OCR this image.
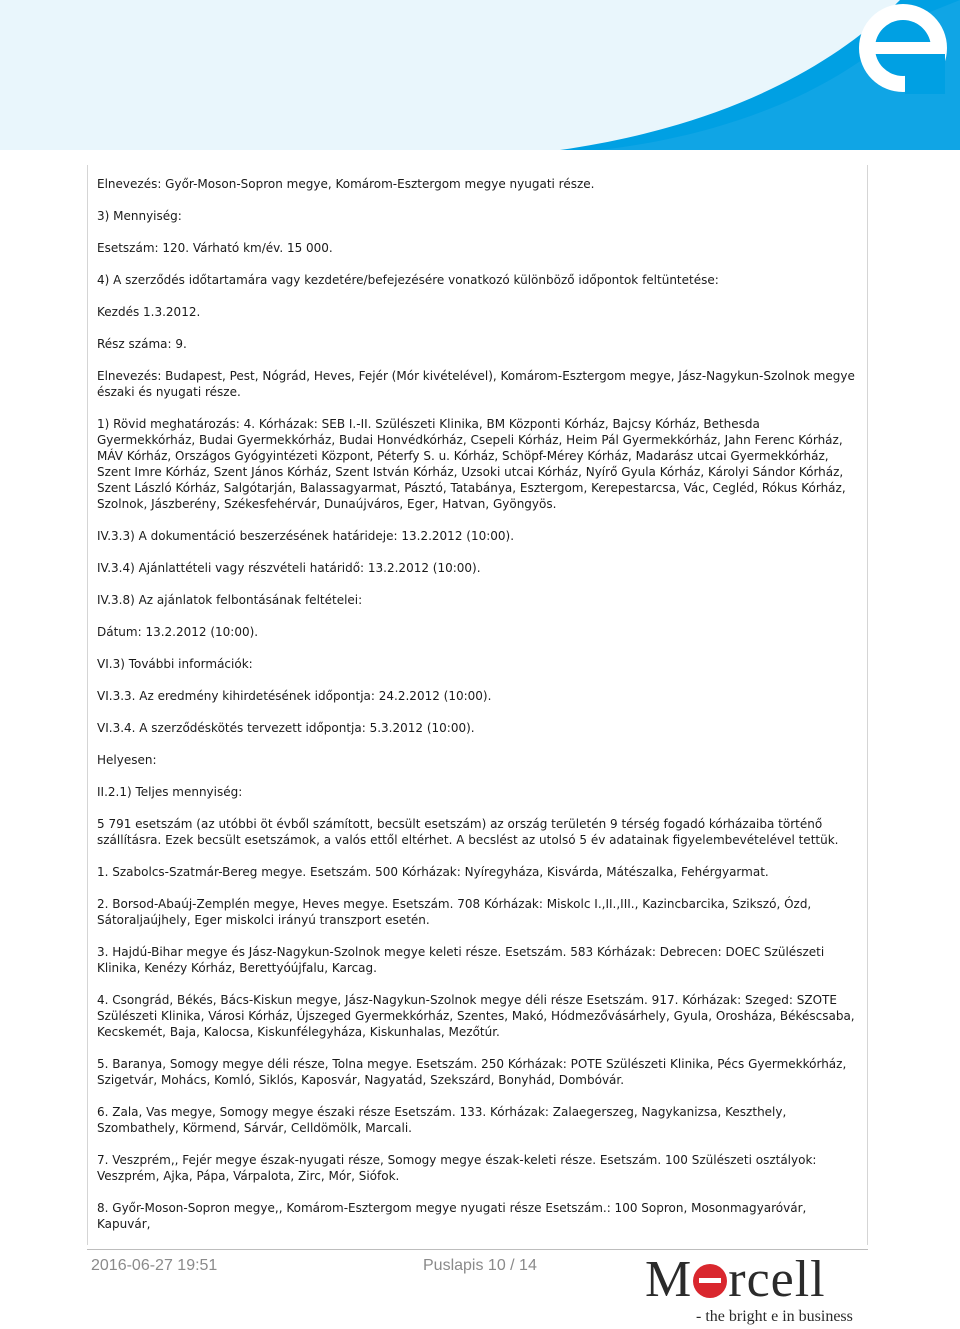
Elnevezés: Győr-Moson-Sopron megye, Komárom-Esztergom megye nyugati része.

3) Mennyiség:

Esetszám: 120. Várható km/év. 15 000.

4) A szerződés időtartamára vagy kezdetére/befejezésére vonatkozó különböző időpontok feltüntetése:

Kezdés 1.3.2012.

Rész száma: 9.

Elnevezés: Budapest, Pest, Nógrád, Heves, Fejér (Mór kivételével), Komárom-Esztergom megye, Jász-Nagykun-Szolnok megye északi és nyugati része.

1) Rövid meghatározás: 4. Kórházak: SEB I.-II. Szülészeti Klinika, BM Központi Kórház, Bajcsy Kórház, Bethesda Gyermekkórház, Budai Gyermekkórház, Budai Honvédkórház, Csepeli Kórház, Heim Pál Gyermekkórház, Jahn Ferenc Kórház, MÁV Kórház, Országos Gyógyintézeti Központ, Péterfy S. u. Kórház, Schöpf-Mérey Kórház, Madarász utcai Gyermekkórház, Szent Imre Kórház, Szent János Kórház, Szent István Kórház, Uzsoki utcai Kórház, Nyírő Gyula Kórház, Károlyi Sándor Kórház, Szent László Kórház, Salgótarján, Balassagyarmat, Pásztó, Tatabánya, Esztergom, Kerepestarcsa, Vác, Cegléd, Rókus Kórház, Szolnok, Jászberény, Székesfehérvár, Dunaújváros, Eger, Hatvan, Gyöngyös.

IV.3.3) A dokumentáció beszerzésének határideje: 13.2.2012 (10:00).

IV.3.4) Ajánlattételi vagy részvételi határidő: 13.2.2012 (10:00).

IV.3.8) Az ajánlatok felbontásának feltételei:

Dátum: 13.2.2012 (10:00).

VI.3) További információk:

VI.3.3. Az eredmény kihirdetésének időpontja: 24.2.2012 (10:00).

VI.3.4. A szerződéskötés tervezett időpontja: 5.3.2012 (10:00).

Helyesen:

II.2.1) Teljes mennyiség:

5 791 esetszám (az utóbbi öt évből számított, becsült esetszám) az ország területén 9 térség fogadó kórházaiba történő szállításra. Ezek becsült esetszámok, a valós ettől eltérhet. A becslést az utolsó 5 év adatainak figyelembevételével tettük.

1. Szabolcs-Szatmár-Bereg megye. Esetszám. 500 Kórházak: Nyíregyháza, Kisvárda, Mátészalka, Fehérgyarmat.

2. Borsod-Abaúj-Zemplén megye, Heves megye. Esetszám. 708 Kórházak: Miskolc I.,II.,III., Kazincbarcika, Szikszó, Ózd, Sátoraljaújhely, Eger miskolci irányú transzport esetén.

3. Hajdú-Bihar megye és Jász-Nagykun-Szolnok megye keleti része. Esetszám. 583 Kórházak: Debrecen: DOEC Szülészeti Klinika, Kenézy Kórház, Berettyóújfalu, Karcag.

4. Csongrád, Békés, Bács-Kiskun megye, Jász-Nagykun-Szolnok megye déli része Esetszám. 917. Kórházak: Szeged: SZOTE Szülészeti Klinika, Városi Kórház, Újszeged Gyermekkórház, Szentes, Makó, Hódmezővásárhely, Gyula, Orosháza, Békéscsaba, Kecskemét, Baja, Kalocsa, Kiskunfélegyháza, Kiskunhalas, Mezőtúr.

5. Baranya, Somogy megye déli része, Tolna megye. Esetszám. 250 Kórházak: POTE Szülészeti Klinika, Pécs Gyermekkórház, Szigetvár, Mohács, Komló, Siklós, Kaposvár, Nagyatád, Szekszárd, Bonyhád, Dombóvár.

6. Zala, Vas megye, Somogy megye északi része Esetszám. 133. Kórházak: Zalaegerszeg, Nagykanizsa, Keszthely, Szombathely, Körmend, Sárvár, Celldömölk, Marcali.

7. Veszprém,, Fejér megye észak-nyugati része, Somogy megye észak-keleti része. Esetszám. 100 Szülészeti osztályok: Veszprém, Ajka, Pápa, Várpalota, Zirc, Mór, Siófok.

8. Győr-Moson-Sopron megye,, Komárom-Esztergom megye nyugati része Esetszám.: 100 Sopron, Mosonmagyaróvár, Kapuvár,

2016-06-27 19:51	Puslapis 10 / 14 M rcell
- the bright e in business
